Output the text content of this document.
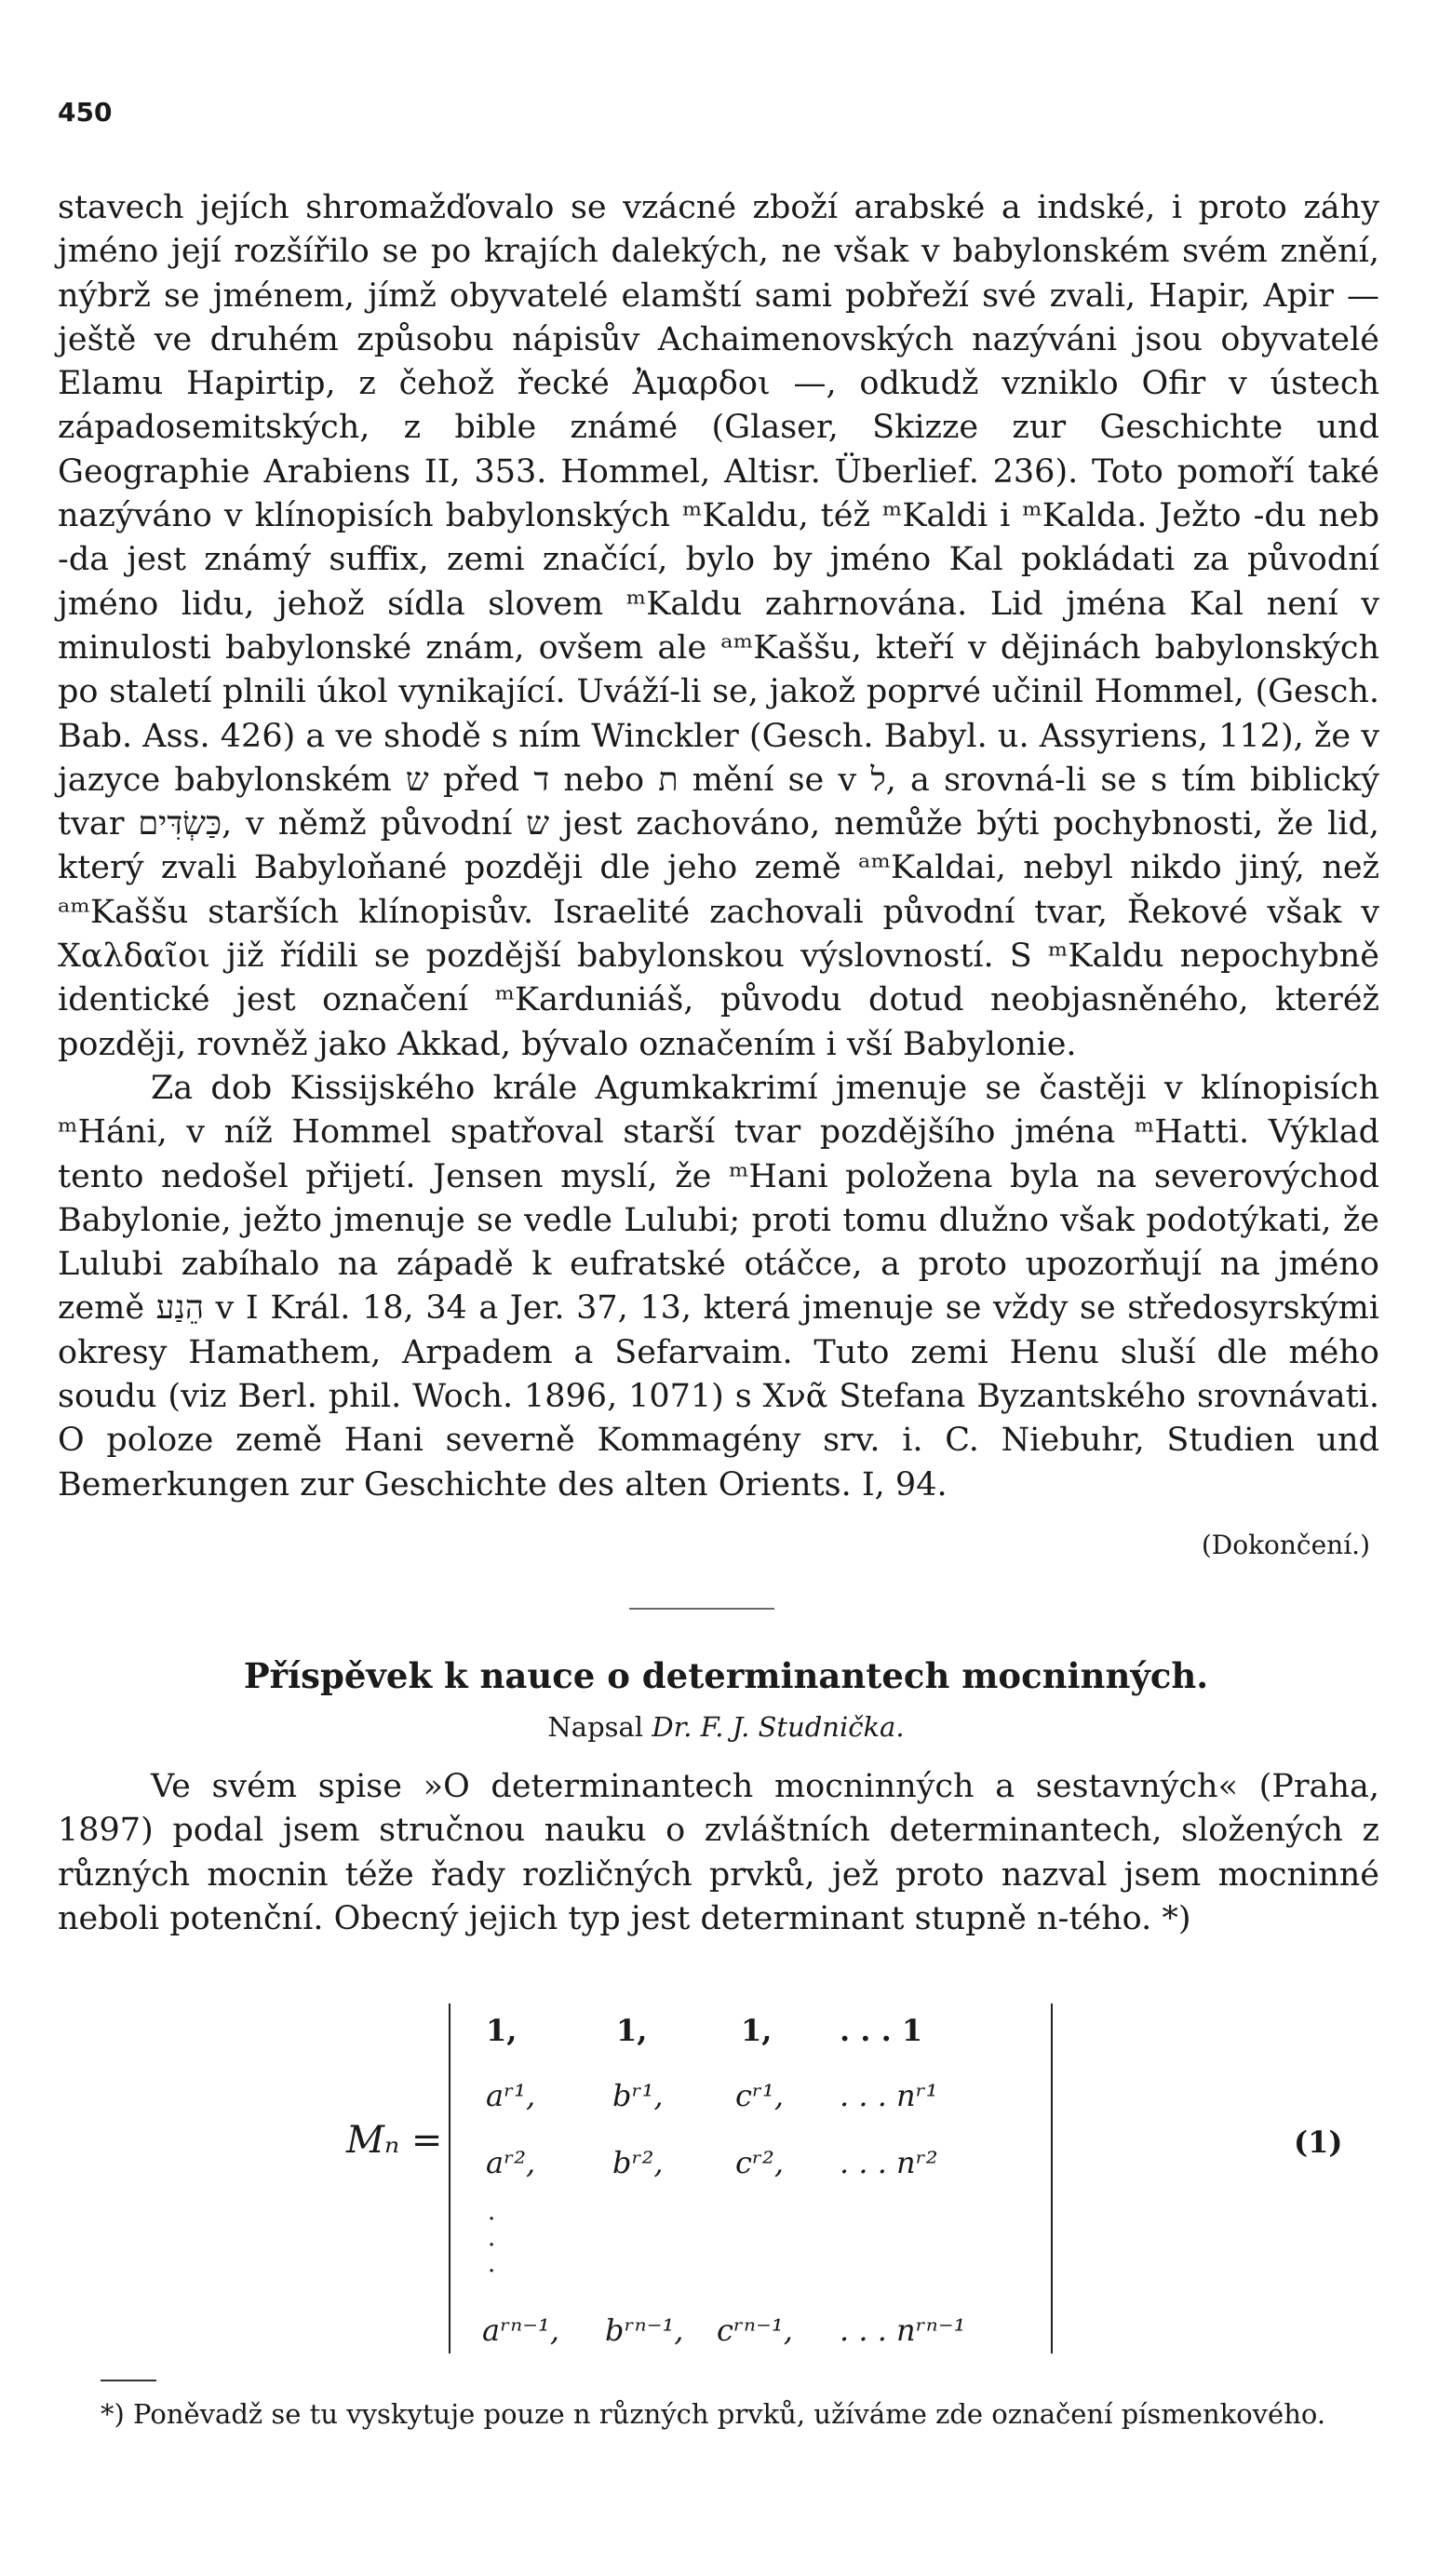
450

stavech jejích shromažďovalo se vzácné zboží arabské a indské, i proto záhy jméno její rozšířilo se po krajích dalekých, ne však v babylonském svém znění, nýbrž se jménem, jímž obyvatelé elamští sami pobřeží své zvali, Hapir, Apir — ještě ve druhém způsobu nápisův Achaimenovských nazýváni jsou obyvatelé Elamu Hapirtip, z čehož řecké Ἀμαρδοι —, odkudž vzniklo Ofir v ústech západosemitských, z bible známé (Glaser, Skizze zur Geschichte und Geographie Arabiens II, 353. Hommel, Altisr. Überlief. 236). Toto pomoří také nazýváno v klínopisích babylonských ᵐKaldu, též ᵐKaldi i ᵐKalda. Ježto -du neb -da jest známý suffix, zemi značící, bylo by jméno Kal pokládati za původní jméno lidu, jehož sídla slovem ᵐKaldu zahrnována. Lid jména Kal není v minulosti babylonské znám, ovšem ale ᵃᵐKaššu, kteří v dějinách babylonských po staletí plnili úkol vynikající. Uváží-li se, jakož poprvé učinil Hommel, (Gesch. Bab. Ass. 426) a ve shodě s ním Winckler (Gesch. Babyl. u. Assyriens, 112), že v jazyce babylonském ש před ד nebo ת mění se v ל, a srovná-li se s tím biblický tvar כַּשְׂדִּים, v němž původní ש jest zachováno, nemůže býti pochybnosti, že lid, který zvali Babyloňané později dle jeho země ᵃᵐKaldai, nebyl nikdo jiný, než ᵃᵐKaššu starších klínopisův. Israelité zachovali původní tvar, Řekové však v Χαλδαῖοι již řídili se pozdější babylonskou výslovností. S ᵐKaldu nepochybně identické jest označení ᵐKarduniáš, původu dotud neobjasněného, kteréž později, rovněž jako Akkad, bývalo označením i vší Babylonie.

Za dob Kissijského krále Agumkakrimí jmenuje se častěji v klínopisích ᵐHáni, v níž Hommel spatřoval starší tvar pozdějšího jména ᵐHatti. Výklad tento nedošel přijetí. Jensen myslí, že ᵐHani položena byla na severovýchod Babylonie, ježto jmenuje se vedle Lulubi; proti tomu dlužno však podotýkati, že Lulubi zabíhalo na západě k eufratské otáčce, a proto upozorňují na jméno země הֵנַע v I Král. 18, 34 a Jer. 37, 13, která jmenuje se vždy se středosyrskými okresy Hamathem, Arpadem a Sefarvaim. Tuto zemi Henu sluší dle mého soudu (viz Berl. phil. Woch. 1896, 1071) s Χνᾶ Stefana Byzantského srovnávati. O poloze země Hani severně Kommagény srv. i. C. Niebuhr, Studien und Bemerkungen zur Geschichte des alten Orients. I, 94.

(Dokončení.)
Příspěvek k nauce o determinantech mocninných.
Napsal Dr. F. J. Studnička.

Ve svém spise »O determinantech mocninných a sestavných« (Praha, 1897) podal jsem stručnou nauku o zvláštních determinantech, složených z různých mocnin téže řady rozličných prvků, jež proto nazval jsem mocninné neboli potenční. Obecný jejich typ jest determinant stupně n-tého. *)

Mₙ =
1,	1,	1, . . . 1
aʳ¹,	bʳ¹, cʳ¹, . . . nʳ¹
aʳ²,	bʳ², cʳ², . . . nʳ²
·
·
·
aʳⁿ⁻¹, bʳⁿ⁻¹, cʳⁿ⁻¹, . . . nʳⁿ⁻¹
(1)

*) Poněvadž se tu vyskytuje pouze n různých prvků, užíváme zde označení písmenkového.
